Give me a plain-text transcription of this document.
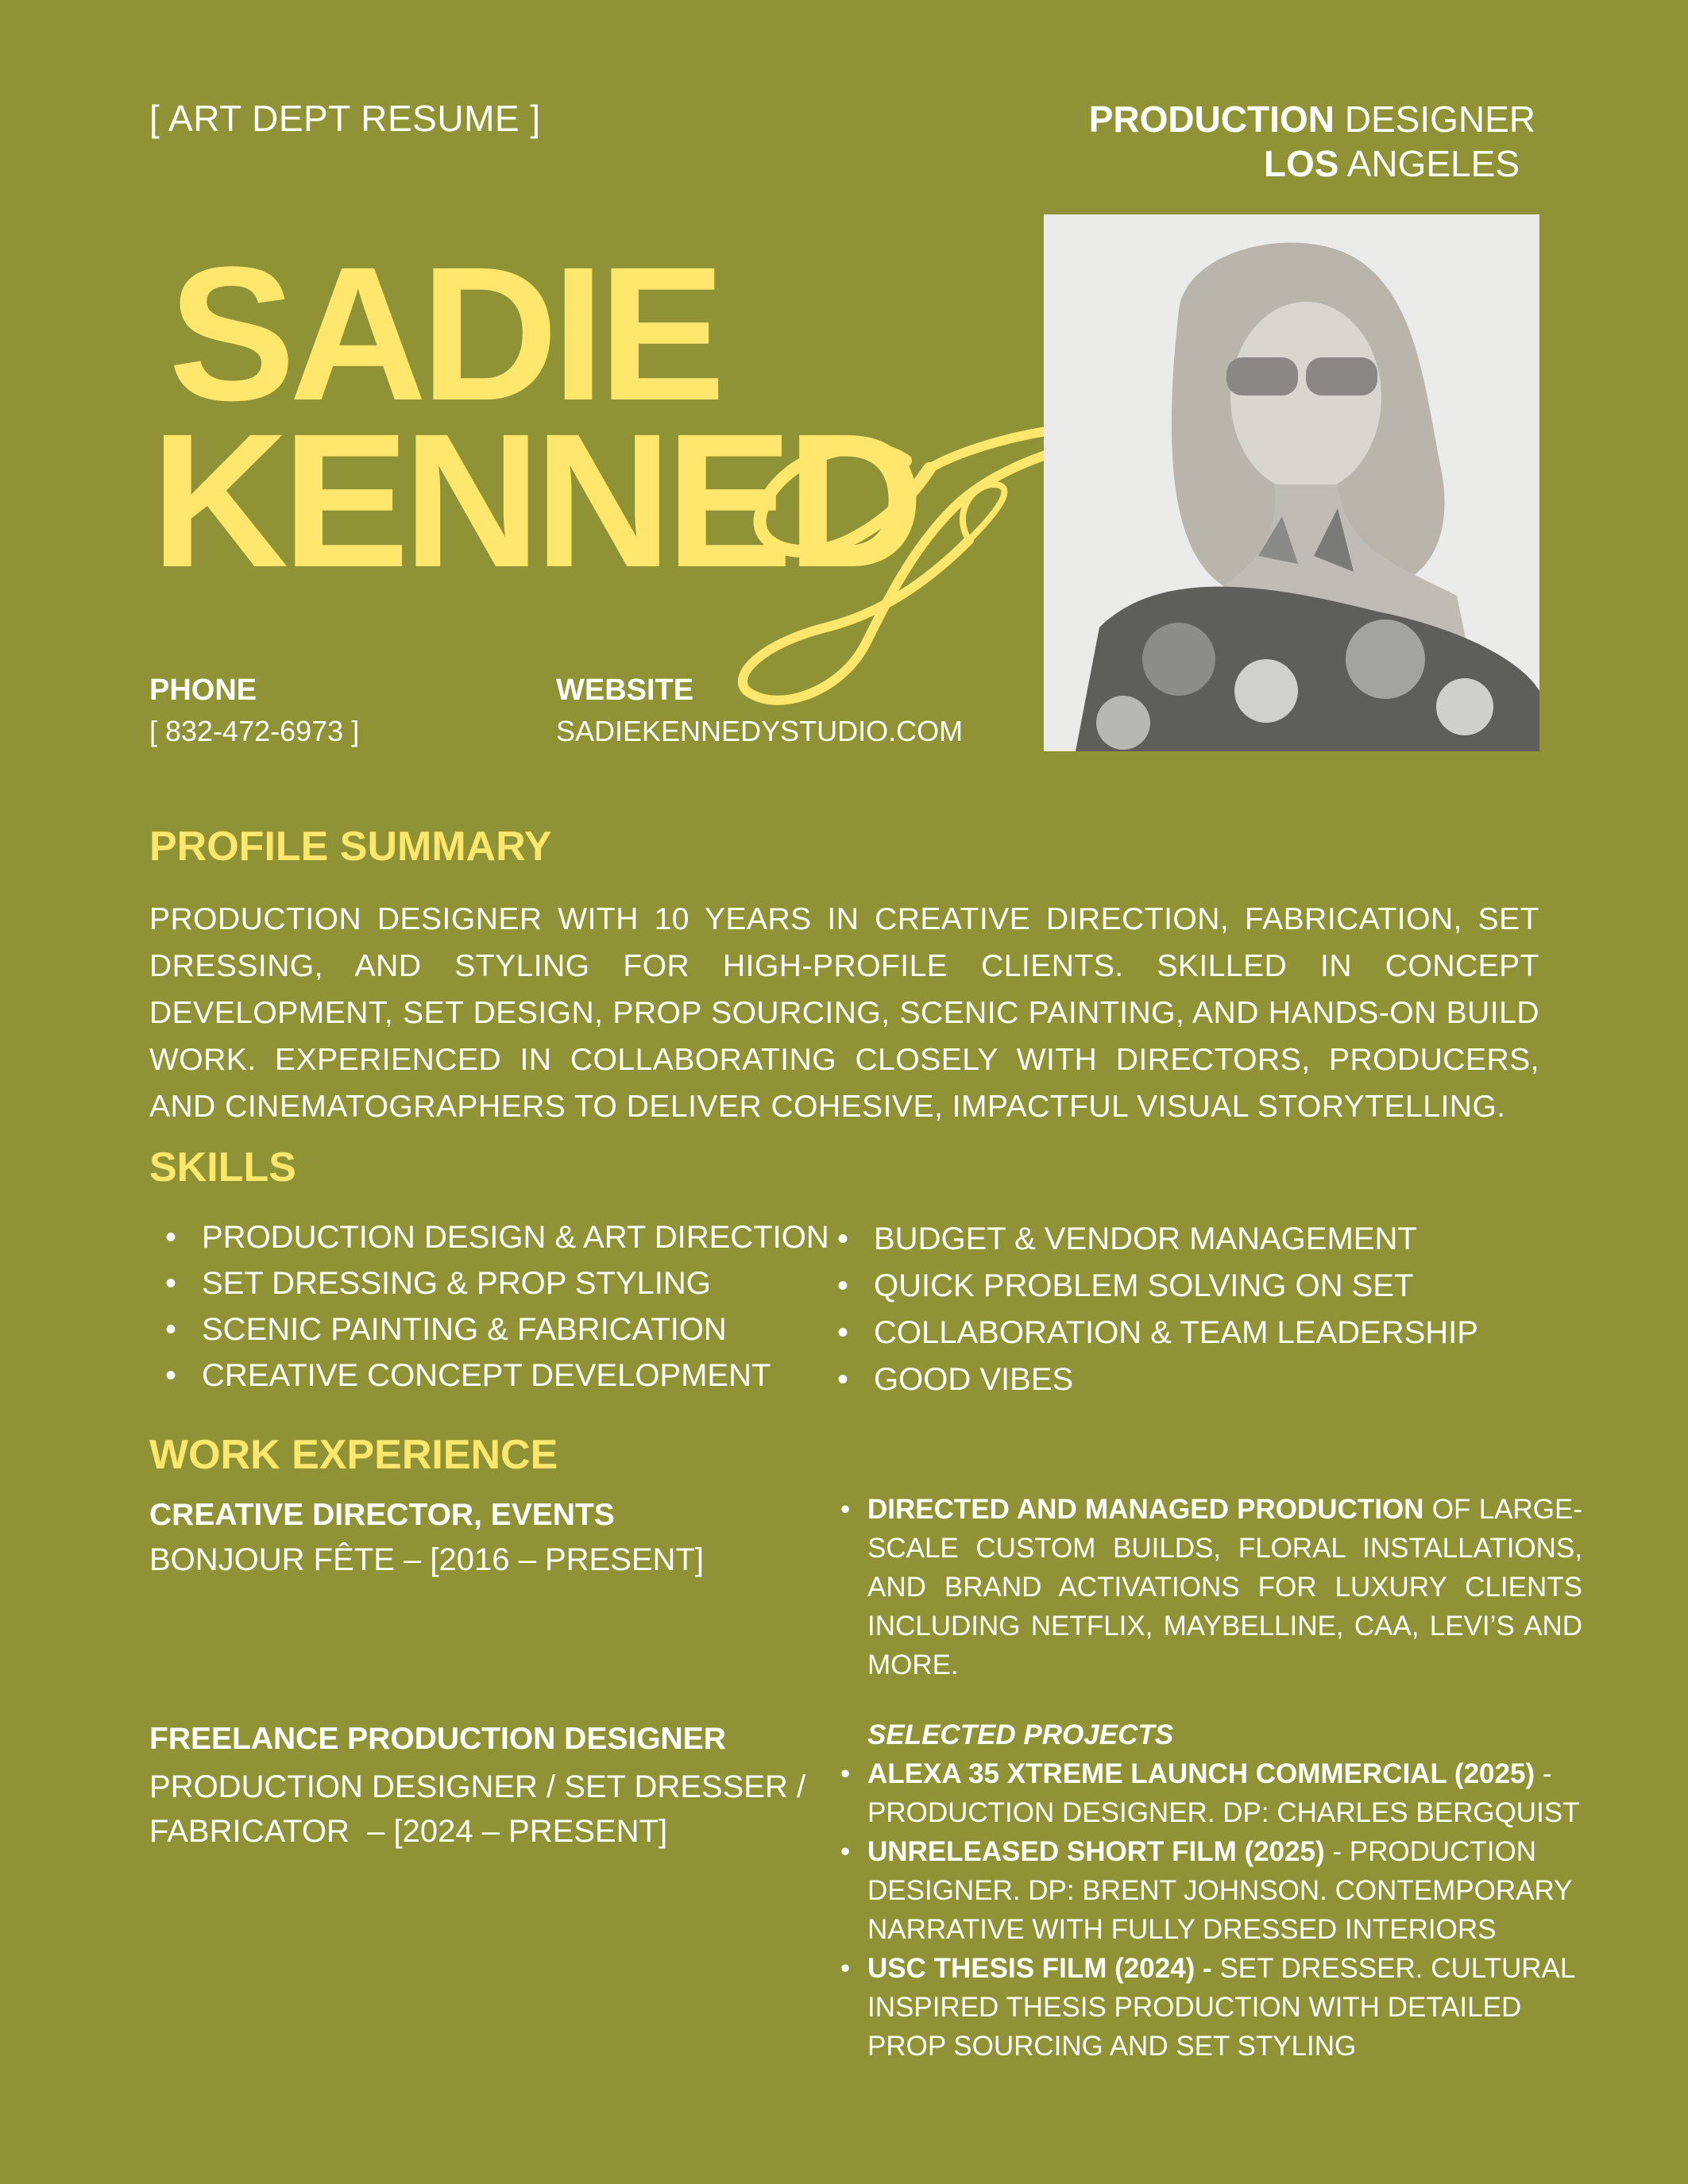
[ ART DEPT RESUME ]	PRODUCTION DESIGNER
LOS ANGELES
SADIE
KENNED
PHONE
[ 832-472-6973 ]
WEBSITE
SADIEKENNEDYSTUDIO.COM
PROFILE SUMMARY
PRODUCTION DESIGNER WITH 10 YEARS IN CREATIVE DIRECTION, FABRICATION, SET DRESSING, AND STYLING FOR HIGH-PROFILE CLIENTS. SKILLED IN CONCEPT DEVELOPMENT, SET DESIGN, PROP SOURCING, SCENIC PAINTING, AND HANDS-ON BUILD WORK. EXPERIENCED IN COLLABORATING CLOSELY WITH DIRECTORS, PRODUCERS, AND CINEMATOGRAPHERS TO DELIVER COHESIVE, IMPACTFUL VISUAL STORYTELLING.
SKILLS
• PRODUCTION DESIGN & ART DIRECTION
• SET DRESSING & PROP STYLING
• SCENIC PAINTING & FABRICATION
• CREATIVE CONCEPT DEVELOPMENT
• BUDGET & VENDOR MANAGEMENT
• QUICK PROBLEM SOLVING ON SET
• COLLABORATION & TEAM LEADERSHIP
• GOOD VIBES
WORK EXPERIENCE
CREATIVE DIRECTOR, EVENTS
BONJOUR FÊTE – [2016 – PRESENT]
• DIRECTED AND MANAGED PRODUCTION OF LARGE-SCALE CUSTOM BUILDS, FLORAL INSTALLATIONS, AND BRAND ACTIVATIONS FOR LUXURY CLIENTS INCLUDING NETFLIX, MAYBELLINE, CAA, LEVI’S AND MORE.
FREELANCE PRODUCTION DESIGNER
PRODUCTION DESIGNER / SET DRESSER /
FABRICATOR  – [2024 – PRESENT]
SELECTED PROJECTS
• ALEXA 35 XTREME LAUNCH COMMERCIAL (2025) - PRODUCTION DESIGNER. DP: CHARLES BERGQUIST
• UNRELEASED SHORT FILM (2025) - PRODUCTION DESIGNER. DP: BRENT JOHNSON. CONTEMPORARY NARRATIVE WITH FULLY DRESSED INTERIORS
• USC THESIS FILM (2024) - SET DRESSER. CULTURAL INSPIRED THESIS PRODUCTION WITH DETAILED PROP SOURCING AND SET STYLING
